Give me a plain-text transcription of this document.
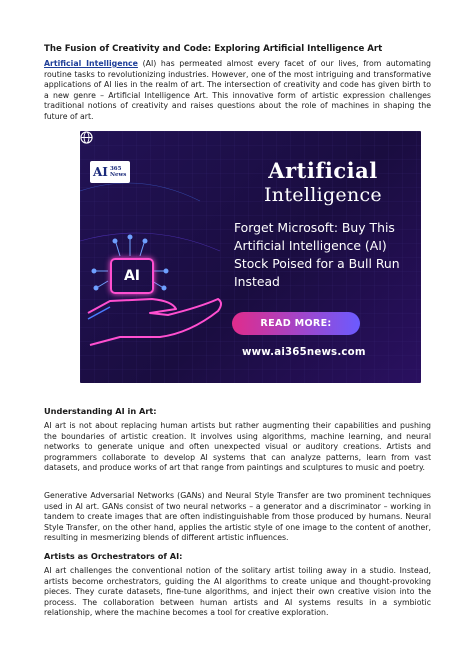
The Fusion of Creativity and Code: Exploring Artificial Intelligence Art

Artificial Intelligence (AI) has permeated almost every facet of our lives, from automating routine tasks to revolutionizing industries. However, one of the most intriguing and transformative applications of AI lies in the realm of art. The intersection of creativity and code has given birth to a new genre – Artificial Intelligence Art. This innovative form of artistic expression challenges traditional notions of creativity and raises questions about the role of machines in shaping the future of art.

AI 365
News	Artificial
Intelligence
Forget Microsoft: Buy This Artificial Intelligence (AI) Stock Poised for a Bull Run Instead
AI
READ MORE:
www.ai365news.com
Understanding AI in Art:

AI art is not about replacing human artists but rather augmenting their capabilities and pushing the boundaries of artistic creation. It involves using algorithms, machine learning, and neural networks to generate unique and often unexpected visual or auditory creations. Artists and programmers collaborate to develop AI systems that can analyze patterns, learn from vast datasets, and produce works of art that range from paintings and sculptures to music and poetry.

Generative Adversarial Networks (GANs) and Neural Style Transfer are two prominent techniques used in AI art. GANs consist of two neural networks – a generator and a discriminator – working in tandem to create images that are often indistinguishable from those produced by humans. Neural Style Transfer, on the other hand, applies the artistic style of one image to the content of another, resulting in mesmerizing blends of different artistic influences.

Artists as Orchestrators of AI:

AI art challenges the conventional notion of the solitary artist toiling away in a studio. Instead, artists become orchestrators, guiding the AI algorithms to create unique and thought-provoking pieces. They curate datasets, fine-tune algorithms, and inject their own creative vision into the process. The collaboration between human artists and AI systems results in a symbiotic relationship, where the machine becomes a tool for creative exploration.
